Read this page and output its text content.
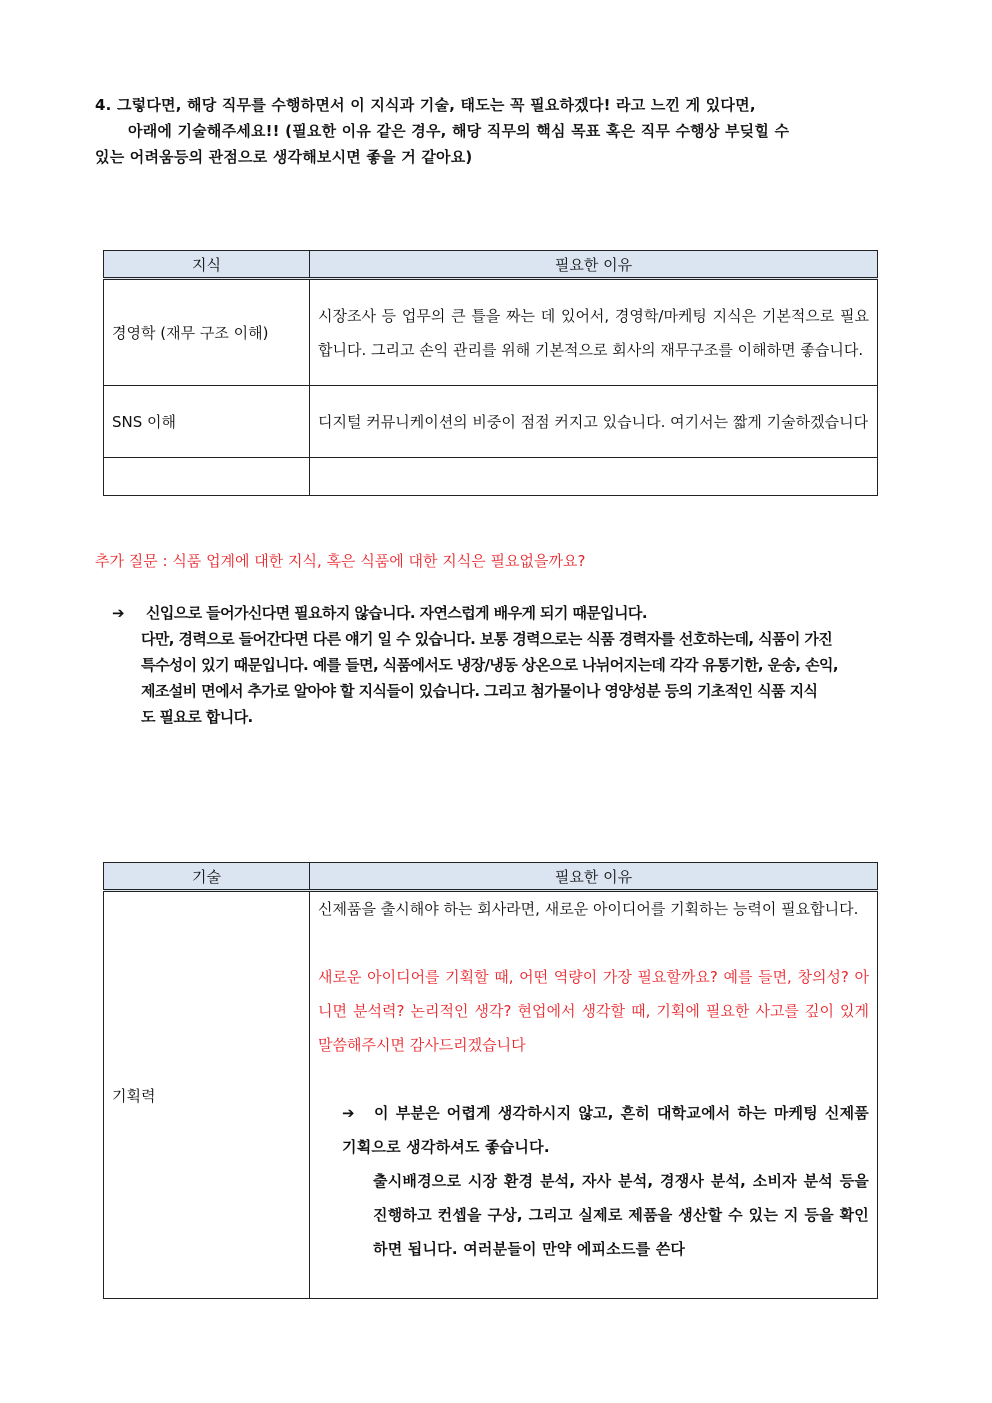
4. 그렇다면, 해당 직무를 수행하면서 이 지식과 기술, 태도는 꼭 필요하겠다! 라고 느낀 게 있다면,

아래에 기술해주세요!! (필요한 이유 같은 경우, 해당 직무의 핵심 목표 혹은 직무 수행상 부딪힐 수

있는 어려움등의 관점으로 생각해보시면 좋을 거 같아요)

지식	필요한 이유
경영학 (재무 구조 이해)	시장조사 등 업무의 큰 틀을 짜는 데 있어서, 경영학/마케팅 지식은 기본적으로 필요합니다. 그리고 손익 관리를 위해 기본적으로 회사의 재무구조를 이해하면 좋습니다.
SNS 이해	디지털 커뮤니케이션의 비중이 점점 커지고 있습니다. 여기서는 짧게 기술하겠습니다

추가 질문 : 식품 업계에 대한 지식, 혹은 식품에 대한 지식은 필요없을까요?

➔ 신입으로 들어가신다면 필요하지 않습니다. 자연스럽게 배우게 되기 때문입니다.

다만, 경력으로 들어간다면 다른 얘기 일 수 있습니다. 보통 경력으로는 식품 경력자를 선호하는데, 식품이 가진

특수성이 있기 때문입니다. 예를 들면, 식품에서도 냉장/냉동 상온으로 나뉘어지는데 각각 유통기한, 운송, 손익,

제조설비 면에서 추가로 알아야 할 지식들이 있습니다. 그리고 첨가물이나 영양성분 등의 기초적인 식품 지식

도 필요로 합니다.

기술	필요한 이유
기획력	신제품을 출시해야 하는 회사라면, 새로운 아이디어를 기획하는 능력이 필요합니다.
새로운 아이디어를 기획할 때, 어떤 역량이 가장 필요할까요? 예를 들면, 창의성? 아니면 분석력? 논리적인 생각? 현업에서 생각할 때, 기획에 필요한 사고를 깊이 있게 말씀해주시면 감사드리겠습니다

➔ 이 부분은 어렵게 생각하시지 않고, 흔히 대학교에서 하는 마케팅 신제품 기획으로 생각하셔도 좋습니다.

출시배경으로 시장 환경 분석, 자사 분석, 경쟁사 분석, 소비자 분석 등을 진행하고 컨셉을 구상, 그리고 실제로 제품을 생산할 수 있는 지 등을 확인 하면 됩니다. 여러분들이 만약 에피소드를 쓴다
